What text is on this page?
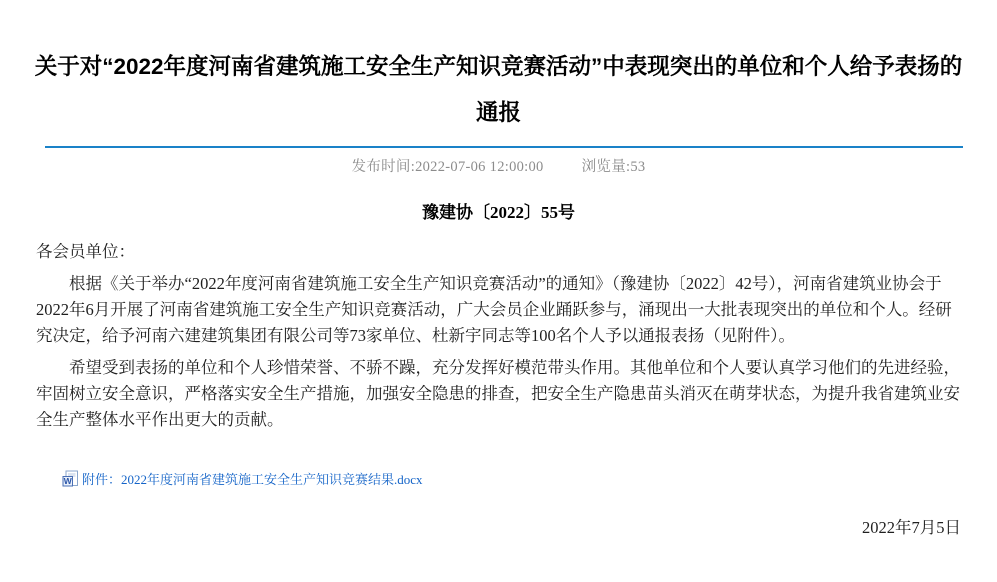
关于对“2022年度河南省建筑施工安全生产知识竞赛活动”中表现突出的单位和个人给予表扬的通报
发布时间:2022-07-06 12:00:00	浏览量:53
豫建协〔2022〕55号
各会员单位：

根据《关于举办“2022年度河南省建筑施工安全生产知识竞赛活动”的通知》（豫建协〔2022〕42号），河南省建筑业协会于2022年6月开展了河南省建筑施工安全生产知识竞赛活动，广大会员企业踊跃参与，涌现出一大批表现突出的单位和个人。经研究决定，给予河南六建建筑集团有限公司等73家单位、杜新宇同志等100名个人予以通报表扬（见附件）。

希望受到表扬的单位和个人珍惜荣誉、不骄不躁，充分发挥好模范带头作用。其他单位和个人要认真学习他们的先进经验，牢固树立安全意识，严格落实安全生产措施，加强安全隐患的排查，把安全生产隐患苗头消灭在萌芽状态，为提升我省建筑业安全生产整体水平作出更大的贡献。

W 附件：2022年度河南省建筑施工安全生产知识竞赛结果.docx
2022年7月5日
